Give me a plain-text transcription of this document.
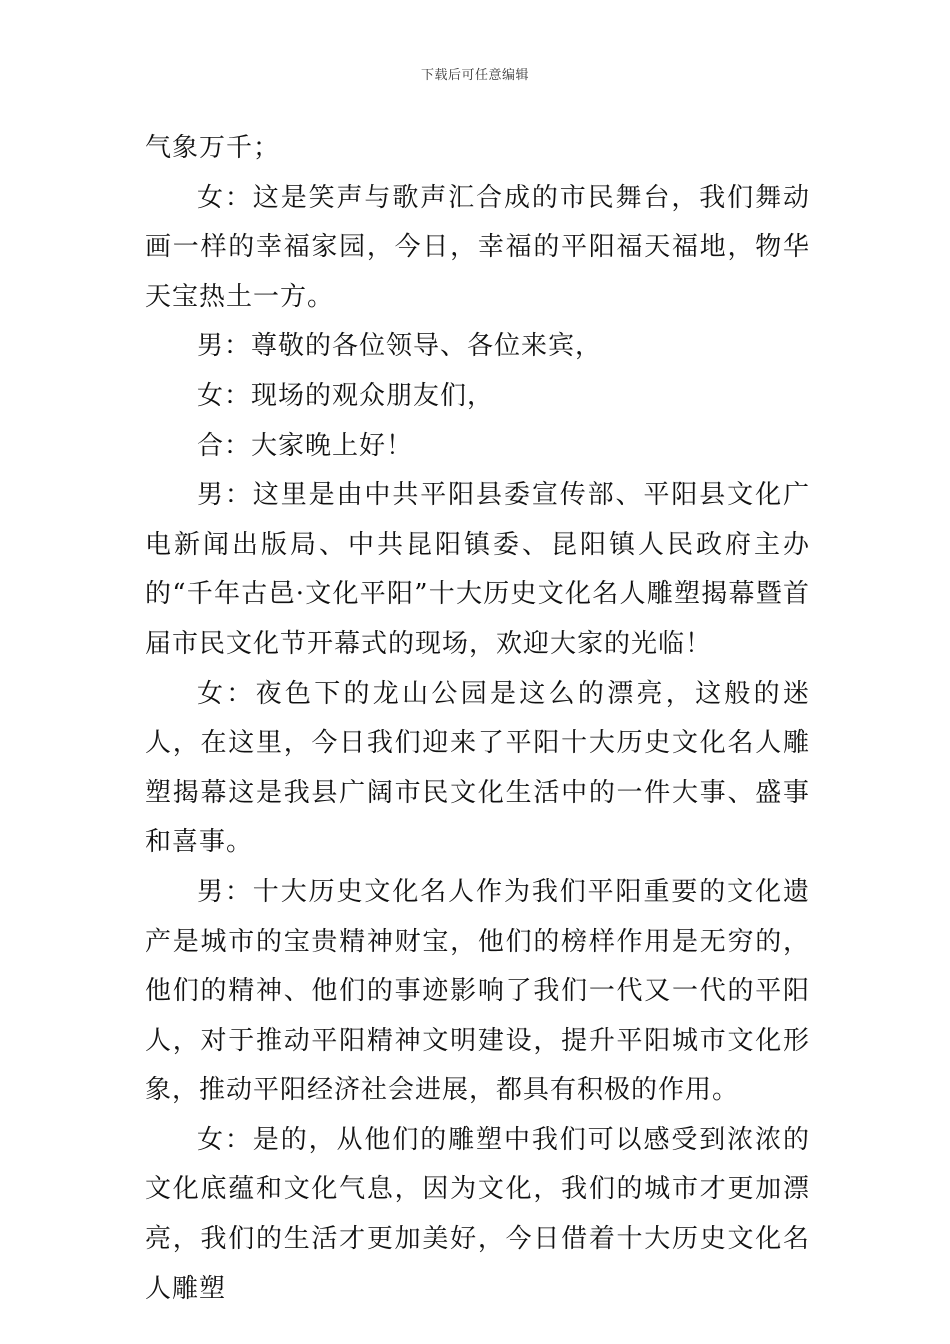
下载后可任意编辑

气象万千；

女：这是笑声与歌声汇合成的市民舞台，我们舞动画一样的幸福家园，今日，幸福的平阳福天福地，物华天宝热土一方。

男：尊敬的各位领导、各位来宾，

女：现场的观众朋友们，

合：大家晚上好！

男：这里是由中共平阳县委宣传部、平阳县文化广电新闻出版局、中共昆阳镇委、昆阳镇人民政府主办的“千年古邑·文化平阳”十大历史文化名人雕塑揭幕暨首届市民文化节开幕式的现场，欢迎大家的光临！

女：夜色下的龙山公园是这么的漂亮，这般的迷人，在这里，今日我们迎来了平阳十大历史文化名人雕塑揭幕这是我县广阔市民文化生活中的一件大事、盛事和喜事。

男：十大历史文化名人作为我们平阳重要的文化遗产是城市的宝贵精神财宝，他们的榜样作用是无穷的，他们的精神、他们的事迹影响了我们一代又一代的平阳人，对于推动平阳精神文明建设，提升平阳城市文化形象，推动平阳经济社会进展，都具有积极的作用。

女：是的，从他们的雕塑中我们可以感受到浓浓的文化底蕴和文化气息，因为文化，我们的城市才更加漂亮，我们的生活才更加美好，今日借着十大历史文化名人雕塑
